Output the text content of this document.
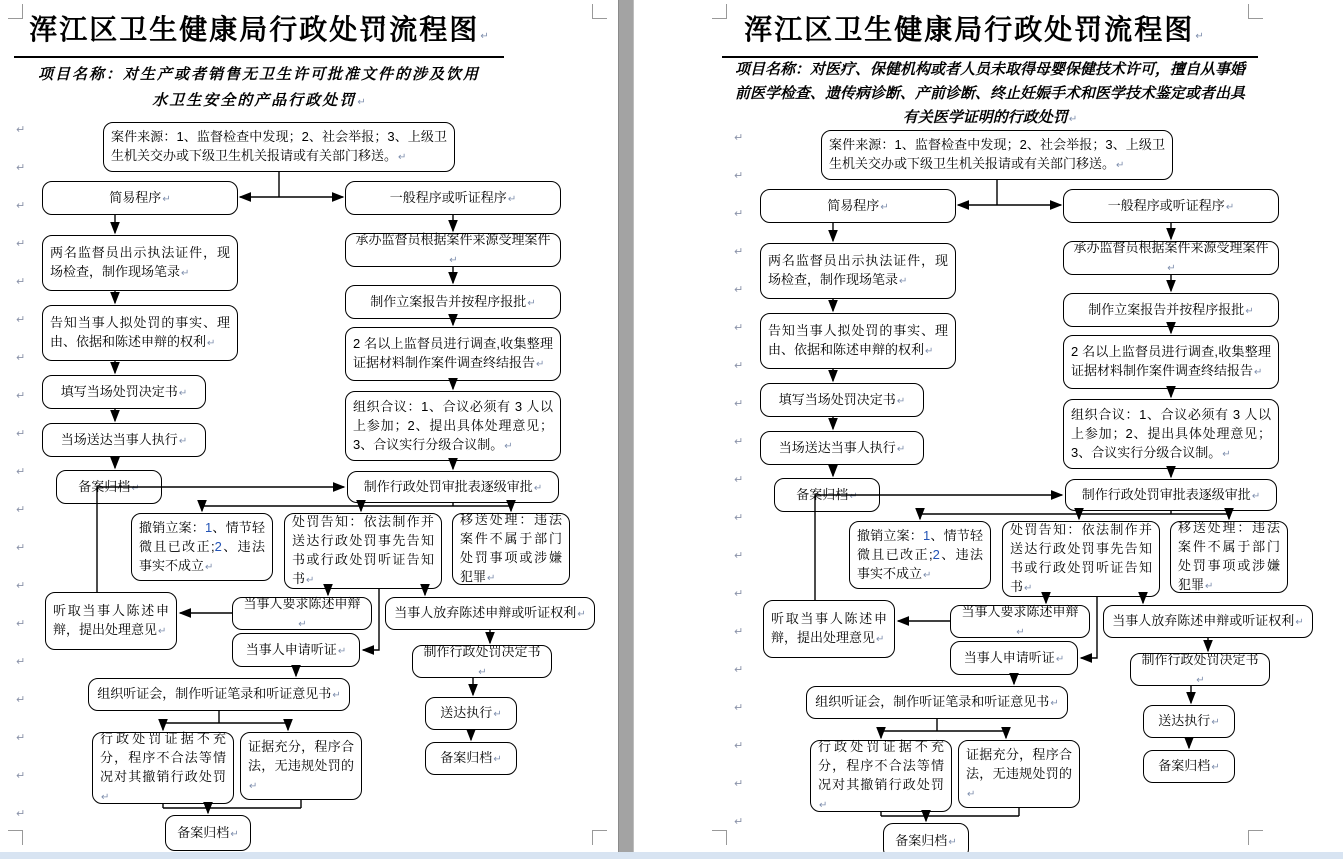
浑江区卫生健康局行政处罚流程图↵
项目名称：对生产或者销售无卫生许可批准文件的涉及饮用
水卫生安全的产品行政处罚↵
案件来源：1、监督检查中发现；2、社会举报；3、上级卫生机关交办或下级卫生机关报请或有关部门移送。↵
简易程序↵	一般程序或听证程序↵
两名监督员出示执法证件，现场检查，制作现场笔录↵
告知当事人拟处罚的事实、理由、依据和陈述申辩的权利↵
填写当场处罚决定书↵
当场送达当事人执行↵
备案归档↵
承办监督员根据案件来源受理案件↵
制作立案报告并按程序报批↵
2 名以上监督员进行调查,收集整理证据材料制作案件调查终结报告↵
组织合议：1、合议必须有 3 人以上参加；2、提出具体处理意见；3、合议实行分级合议制。↵
制作行政处罚审批表逐级审批↵
撤销立案：1、情节轻微且已改正;2、违法事实不成立↵
处罚告知：依法制作并送达行政处罚事先告知书或行政处罚听证告知书↵
移送处理：违法案件不属于部门处罚事项或涉嫌犯罪↵
听取当事人陈述申辩，提出处理意见↵
当事人要求陈述申辩↵
当事人放弃陈述申辩或听证权利↵
当事人申请听证↵	制作行政处罚决定书↵
组织听证会，制作听证笔录和听证意见书↵
送达执行↵
行政处罚证据不充分，程序不合法等情况对其撤销行政处罚↵
证据充分，程序合法，无违规处罚的↵
备案归档↵
备案归档↵
↵
↵
↵
↵
↵
↵
↵
↵
↵
↵
↵
↵
↵
↵
↵
↵
↵
↵
↵
浑江区卫生健康局行政处罚流程图↵
项目名称：对医疗、保健机构或者人员未取得母婴保健技术许可，擅自从事婚
前医学检查、遗传病诊断、产前诊断、终止妊娠手术和医学技术鉴定或者出具
有关医学证明的行政处罚↵
案件来源：1、监督检查中发现；2、社会举报；3、上级卫生机关交办或下级卫生机关报请或有关部门移送。↵
简易程序↵	一般程序或听证程序↵
两名监督员出示执法证件，现场检查，制作现场笔录↵
告知当事人拟处罚的事实、理由、依据和陈述申辩的权利↵
填写当场处罚决定书↵
当场送达当事人执行↵
备案归档↵
承办监督员根据案件来源受理案件↵
制作立案报告并按程序报批↵
2 名以上监督员进行调查,收集整理证据材料制作案件调查终结报告↵
组织合议：1、合议必须有 3 人以上参加；2、提出具体处理意见；3、合议实行分级合议制。↵
制作行政处罚审批表逐级审批↵
撤销立案：1、情节轻微且已改正;2、违法事实不成立↵
处罚告知：依法制作并送达行政处罚事先告知书或行政处罚听证告知书↵
移送处理：违法案件不属于部门处罚事项或涉嫌犯罪↵
听取当事人陈述申辩，提出处理意见↵
当事人要求陈述申辩↵
当事人放弃陈述申辩或听证权利↵
当事人申请听证↵	制作行政处罚决定书↵
组织听证会，制作听证笔录和听证意见书↵
送达执行↵
行政处罚证据不充分，程序不合法等情况对其撤销行政处罚↵
证据充分，程序合法，无违规处罚的↵
备案归档↵
备案归档↵
↵
↵
↵
↵
↵
↵
↵
↵
↵
↵
↵
↵
↵
↵
↵
↵
↵
↵
↵
